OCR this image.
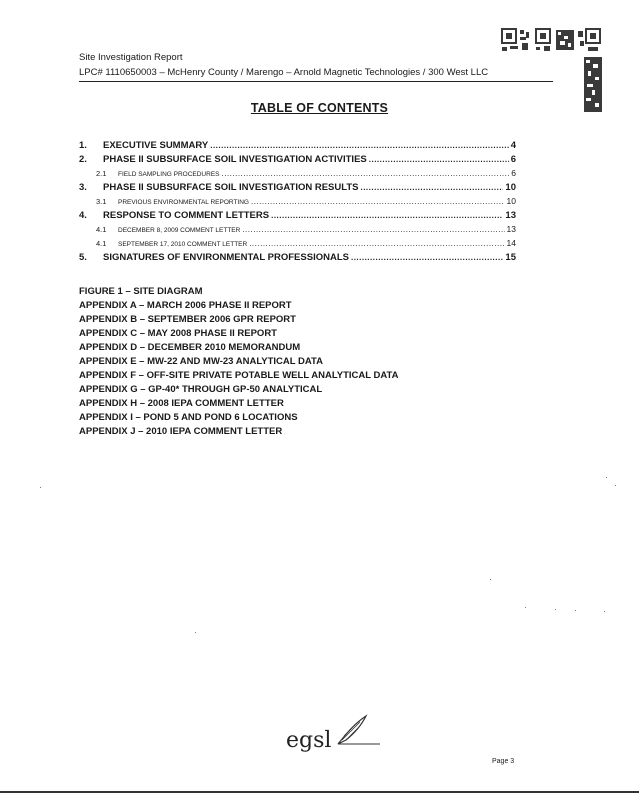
Site Investigation Report
LPC# 1110650003 – McHenry County / Marengo – Arnold Magnetic Technologies / 300 West LLC
TABLE OF CONTENTS
1.	EXECUTIVE SUMMARY .....	4
2.	PHASE II SUBSURFACE SOIL INVESTIGATION ACTIVITIES .....	6
2.1	FIELD SAMPLING PROCEDURES .....	6
3.	PHASE II SUBSURFACE SOIL INVESTIGATION RESULTS .....	10
3.1	PREVIOUS ENVIRONMENTAL REPORTING .....	10
4.	RESPONSE TO COMMENT LETTERS .....	13
4.1	DECEMBER 8, 2009 COMMENT LETTER .....	13
4.1	SEPTEMBER 17, 2010 COMMENT LETTER .....	14
5.	SIGNATURES OF ENVIRONMENTAL PROFESSIONALS .....	15
FIGURE 1 – SITE DIAGRAM
APPENDIX A – MARCH 2006 PHASE II REPORT
APPENDIX B – SEPTEMBER 2006 GPR REPORT
APPENDIX C – MAY 2008 PHASE II REPORT
APPENDIX D – DECEMBER 2010 MEMORANDUM
APPENDIX E – MW-22 AND MW-23 ANALYTICAL DATA
APPENDIX F – OFF-SITE PRIVATE POTABLE WELL ANALYTICAL DATA
APPENDIX G – GP-40* THROUGH GP-50 ANALYTICAL
APPENDIX H – 2008 IEPA COMMENT LETTER
APPENDIX I – POND 5 AND POND 6 LOCATIONS
APPENDIX J – 2010 IEPA COMMENT LETTER
egsl
Page 3
